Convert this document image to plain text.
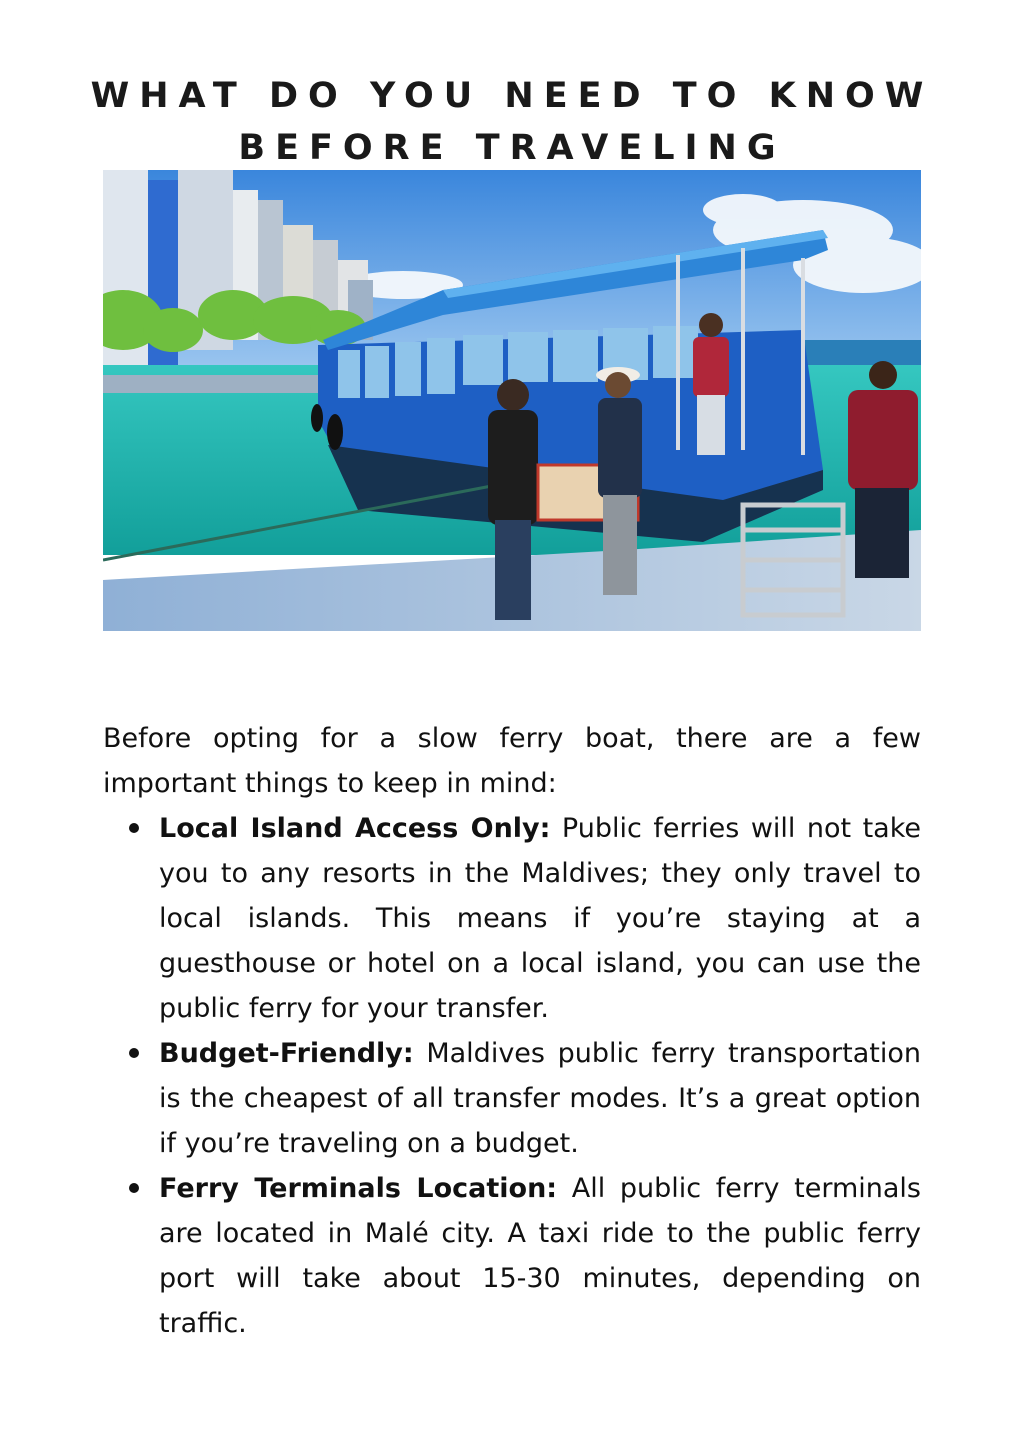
WHAT DO YOU NEED TO KNOW
BEFORE TRAVELING

Before opting for a slow ferry boat, there are a few important things to keep in mind:

Local Island Access Only: Public ferries will not take you to any resorts in the Maldives; they only travel to local islands. This means if you’re staying at a guesthouse or hotel on a local island, you can use the public ferry for your transfer.
Budget-Friendly: Maldives public ferry transportation is the cheapest of all transfer modes. It’s a great option if you’re traveling on a budget.
Ferry Terminals Location: All public ferry terminals are located in Malé city. A taxi ride to the public ferry port will take about 15-30 minutes, depending on traffic.
